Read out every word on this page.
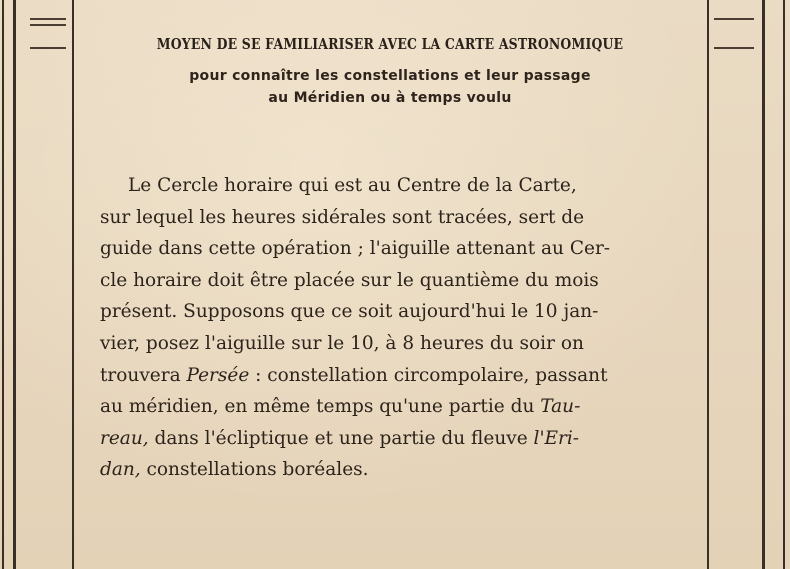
MOYEN DE SE FAMILIARISER AVEC LA CARTE ASTRONOMIQUE
pour connaître les constellations et leur passage
au Méridien ou à temps voulu
Le Cercle horaire qui est au Centre de la Carte,
sur lequel les heures sidérales sont tracées, sert de
guide dans cette opération ; l'aiguille attenant au Cer-
cle horaire doit être placée sur le quantième du mois
présent. Supposons que ce soit aujourd'hui le 10 jan-
vier, posez l'aiguille sur le 10, à 8 heures du soir on
trouvera Persée : constellation circompolaire, passant
au méridien, en même temps qu'une partie du Tau-
reau, dans l'écliptique et une partie du fleuve l'Eri-
dan, constellations boréales.
